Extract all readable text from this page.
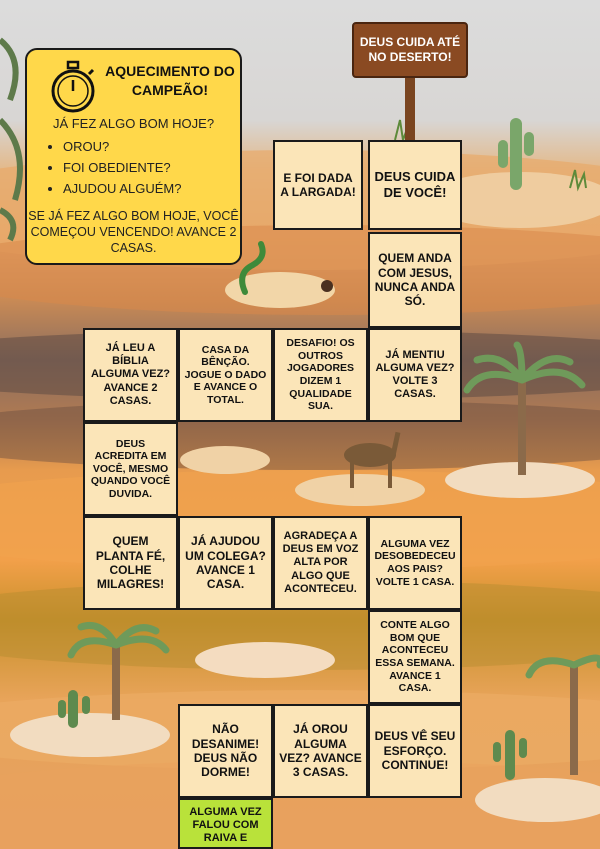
DEUS CUIDA ATÉ NO DESERTO!
AQUECIMENTO DO CAMPEÃO!
JÁ FEZ ALGO BOM HOJE?
• OROU?
• FOI OBEDIENTE?
• AJUDOU ALGUÉM?
SE JÁ FEZ ALGO BOM HOJE, VOCÊ COMEÇOU VENCENDO! AVANCE 2 CASAS.
E FOI DADA A LARGADA!
DEUS CUIDA DE VOCÊ!
QUEM ANDA COM JESUS, NUNCA ANDA SÓ.
JÁ MENTIU ALGUMA VEZ? VOLTE 3 CASAS.
DESAFIO! OS OUTROS JOGADORES DIZEM 1 QUALIDADE SUA.
CASA DA BÊNÇÃO. JOGUE O DADO E AVANCE O TOTAL.
JÁ LEU A BÍBLIA ALGUMA VEZ? AVANCE 2 CASAS.
DEUS ACREDITA EM VOCÊ, MESMO QUANDO VOCÊ DUVIDA.
QUEM PLANTA FÉ, COLHE MILAGRES!
JÁ AJUDOU UM COLEGA? AVANCE 1 CASA.
AGRADEÇA A DEUS EM VOZ ALTA POR ALGO QUE ACONTECEU.
ALGUMA VEZ DESOBEDECEU AOS PAIS? VOLTE 1 CASA.
CONTE ALGO BOM QUE ACONTECEU ESSA SEMANA. AVANCE 1 CASA.
DEUS VÊ SEU ESFORÇO. CONTINUE!
JÁ OROU ALGUMA VEZ? AVANCE 3 CASAS.
NÃO DESANIME! DEUS NÃO DORME!
ALGUMA VEZ FALOU COM RAIVA E
